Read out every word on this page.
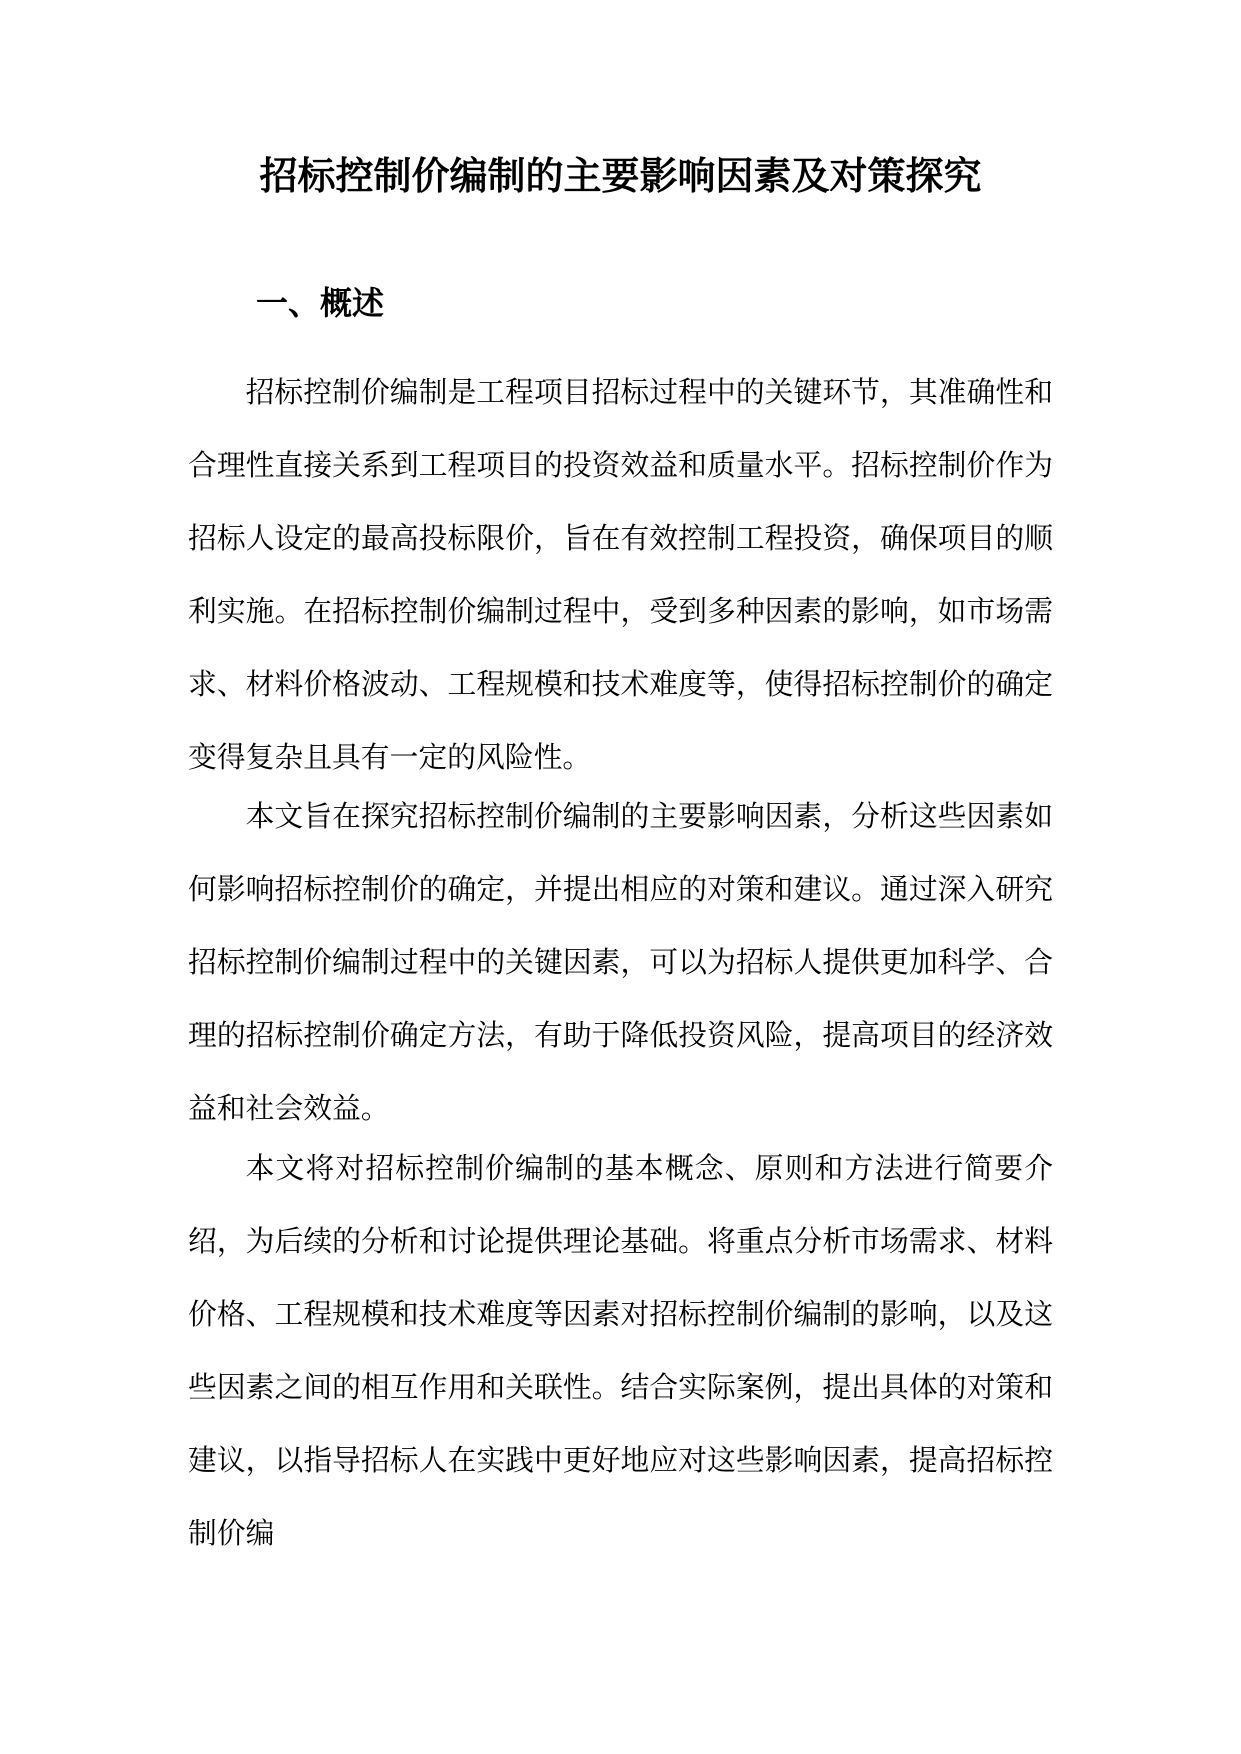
招标控制价编制的主要影响因素及对策探究
一、概述

招标控制价编制是工程项目招标过程中的关键环节，其准确性和合理性直接关系到工程项目的投资效益和质量水平。招标控制价作为招标人设定的最高投标限价，旨在有效控制工程投资，确保项目的顺利实施。在招标控制价编制过程中，受到多种因素的影响，如市场需求、材料价格波动、工程规模和技术难度等，使得招标控制价的确定变得复杂且具有一定的风险性。

本文旨在探究招标控制价编制的主要影响因素，分析这些因素如何影响招标控制价的确定，并提出相应的对策和建议。通过深入研究招标控制价编制过程中的关键因素，可以为招标人提供更加科学、合理的招标控制价确定方法，有助于降低投资风险，提高项目的经济效益和社会效益。

本文将对招标控制价编制的基本概念、原则和方法进行简要介绍，为后续的分析和讨论提供理论基础。将重点分析市场需求、材料价格、工程规模和技术难度等因素对招标控制价编制的影响，以及这些因素之间的相互作用和关联性。结合实际案例，提出具体的对策和建议，以指导招标人在实践中更好地应对这些影响因素，提高招标控制价编
